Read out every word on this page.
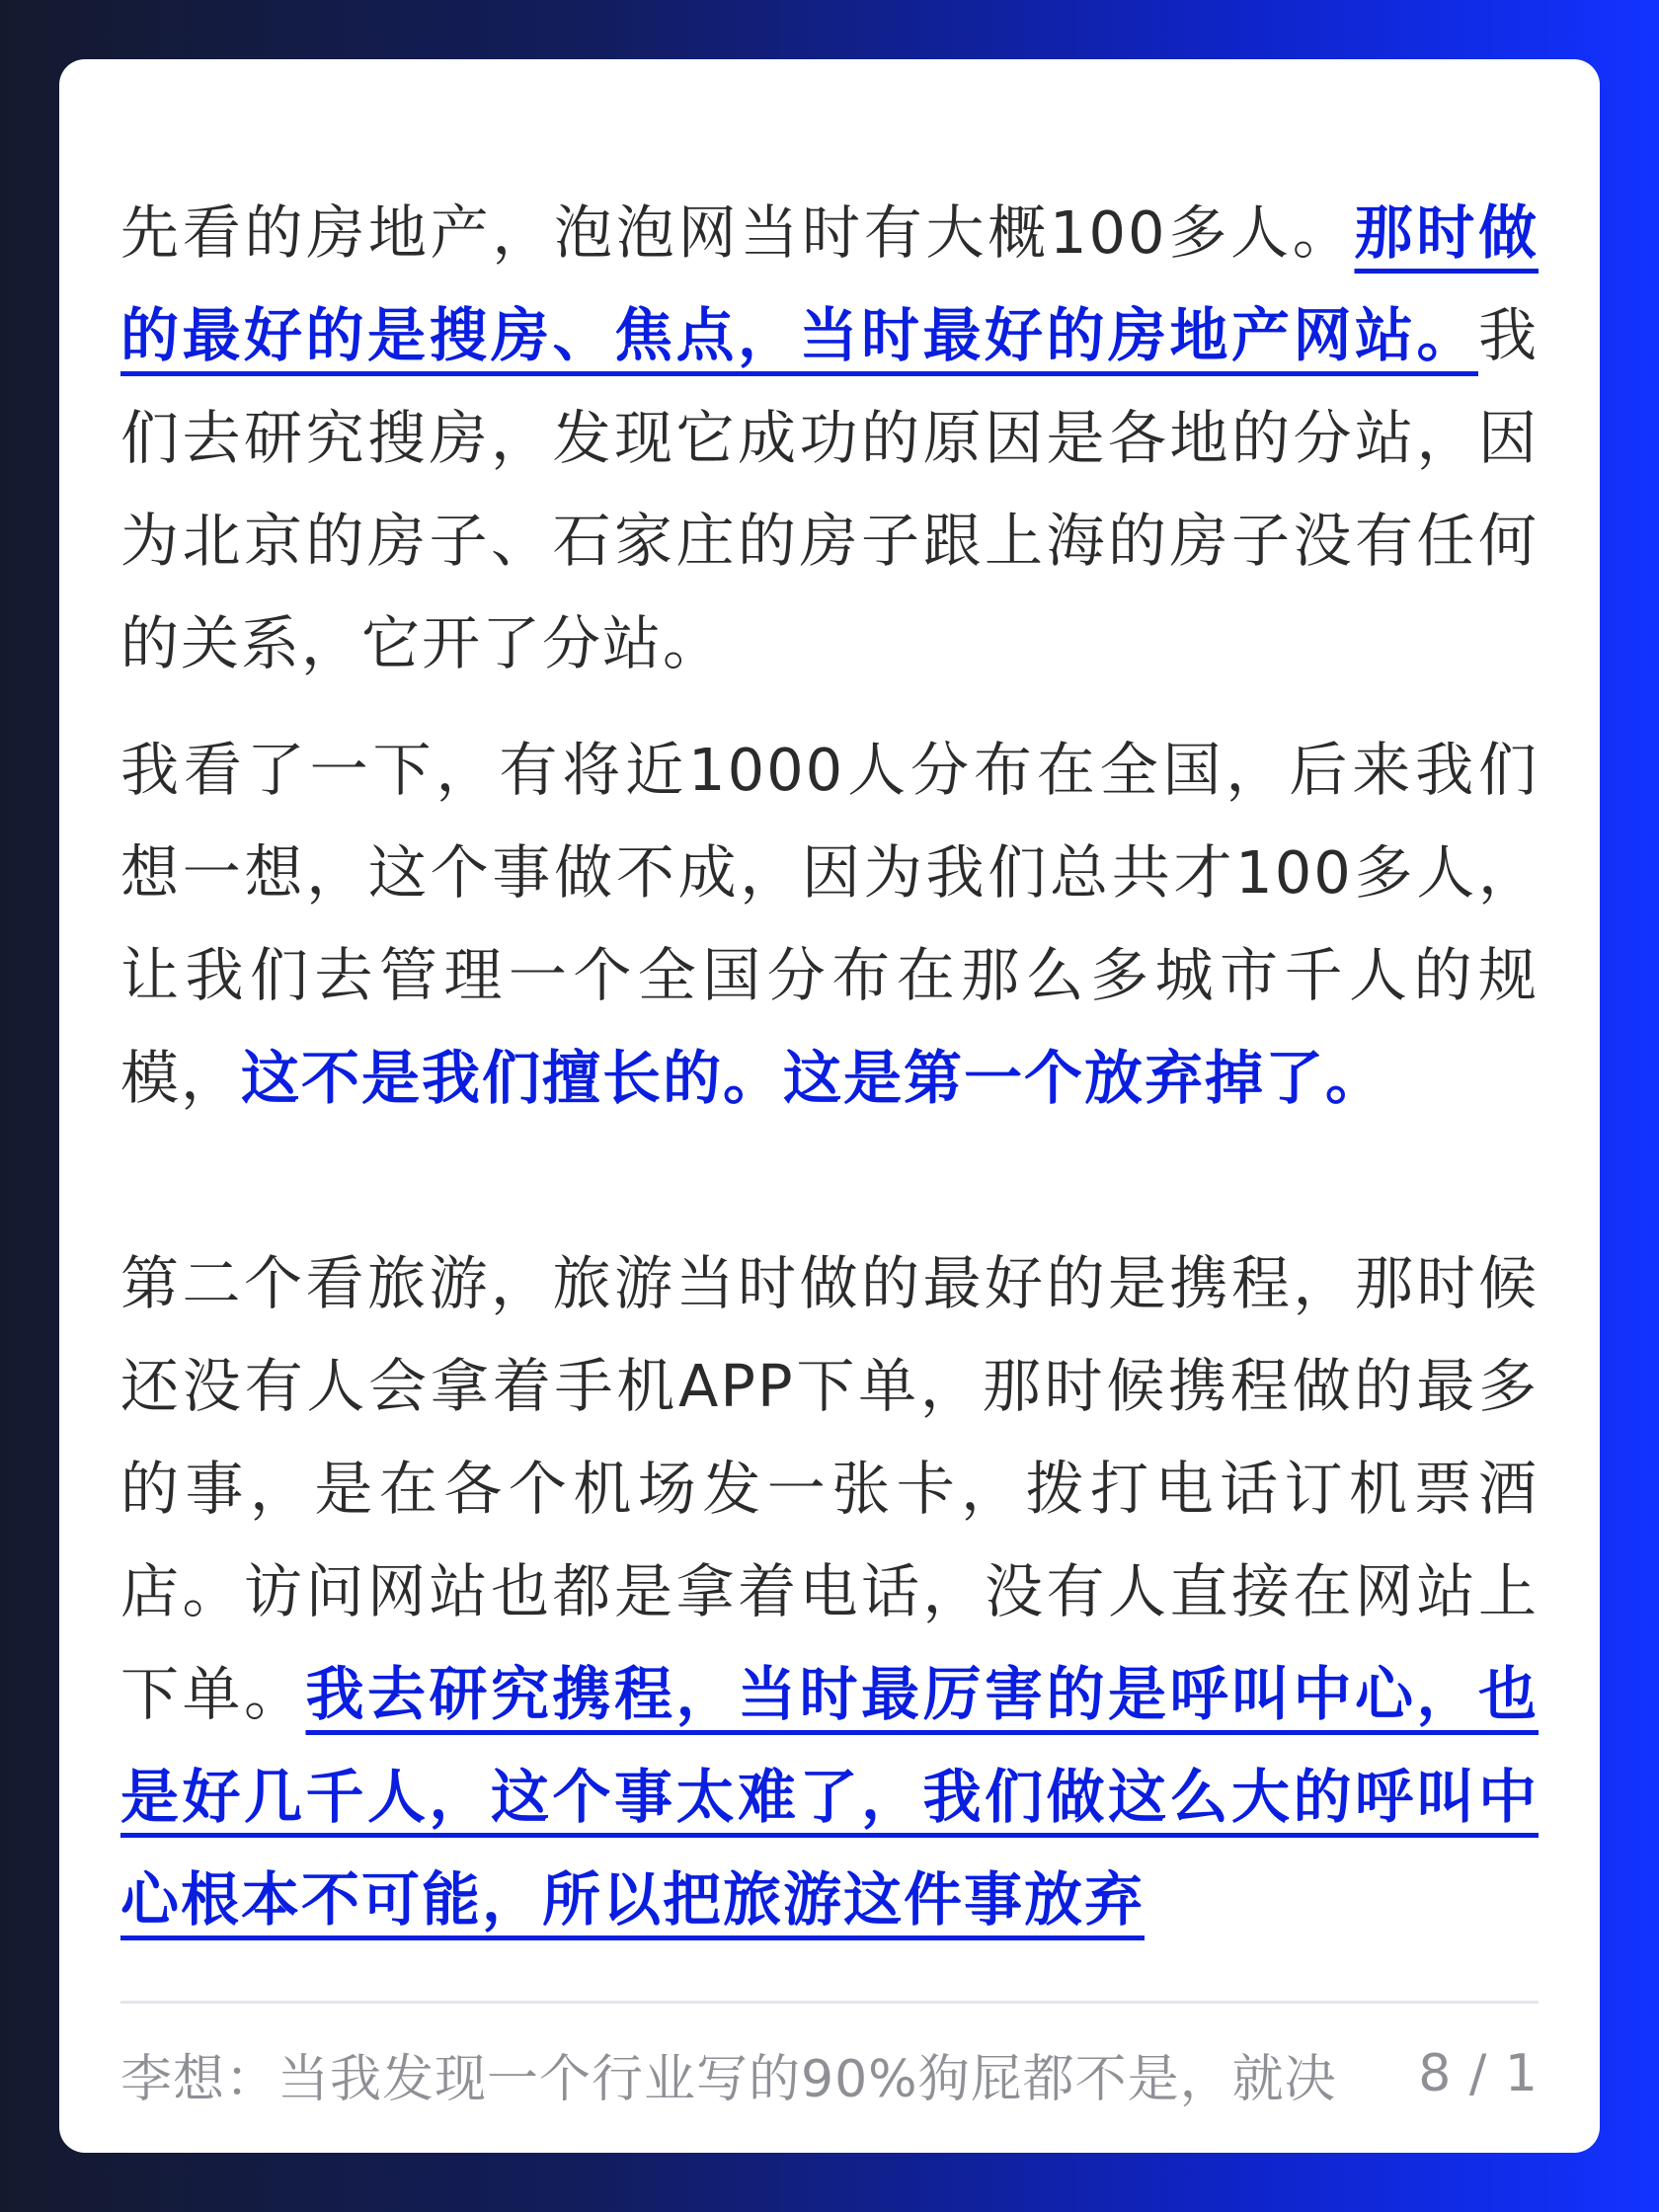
先看的房地产，泡泡网当时有大概100多人。那时做的最好的是搜房、焦点，当时最好的房地产网站。我们去研究搜房，发现它成功的原因是各地的分站，因为北京的房子、石家庄的房子跟上海的房子没有任何的关系，它开了分站。

我看了一下，有将近1000人分布在全国，后来我们想一想，这个事做不成，因为我们总共才100多人，让我们去管理一个全国分布在那么多城市千人的规模，这不是我们擅长的。这是第一个放弃掉了。

第二个看旅游，旅游当时做的最好的是携程，那时候还没有人会拿着手机APP下单，那时候携程做的最多的事，是在各个机场发一张卡，拨打电话订机票酒店。访问网站也都是拿着电话，没有人直接在网站上下单。我去研究携程，当时最厉害的是呼叫中心，也是好几千人，这个事太难了，我们做这么大的呼叫中心根本不可能，所以把旅游这件事放弃

李想：当我发现一个行业写的90%狗屁都不是，就决	8 / 1
